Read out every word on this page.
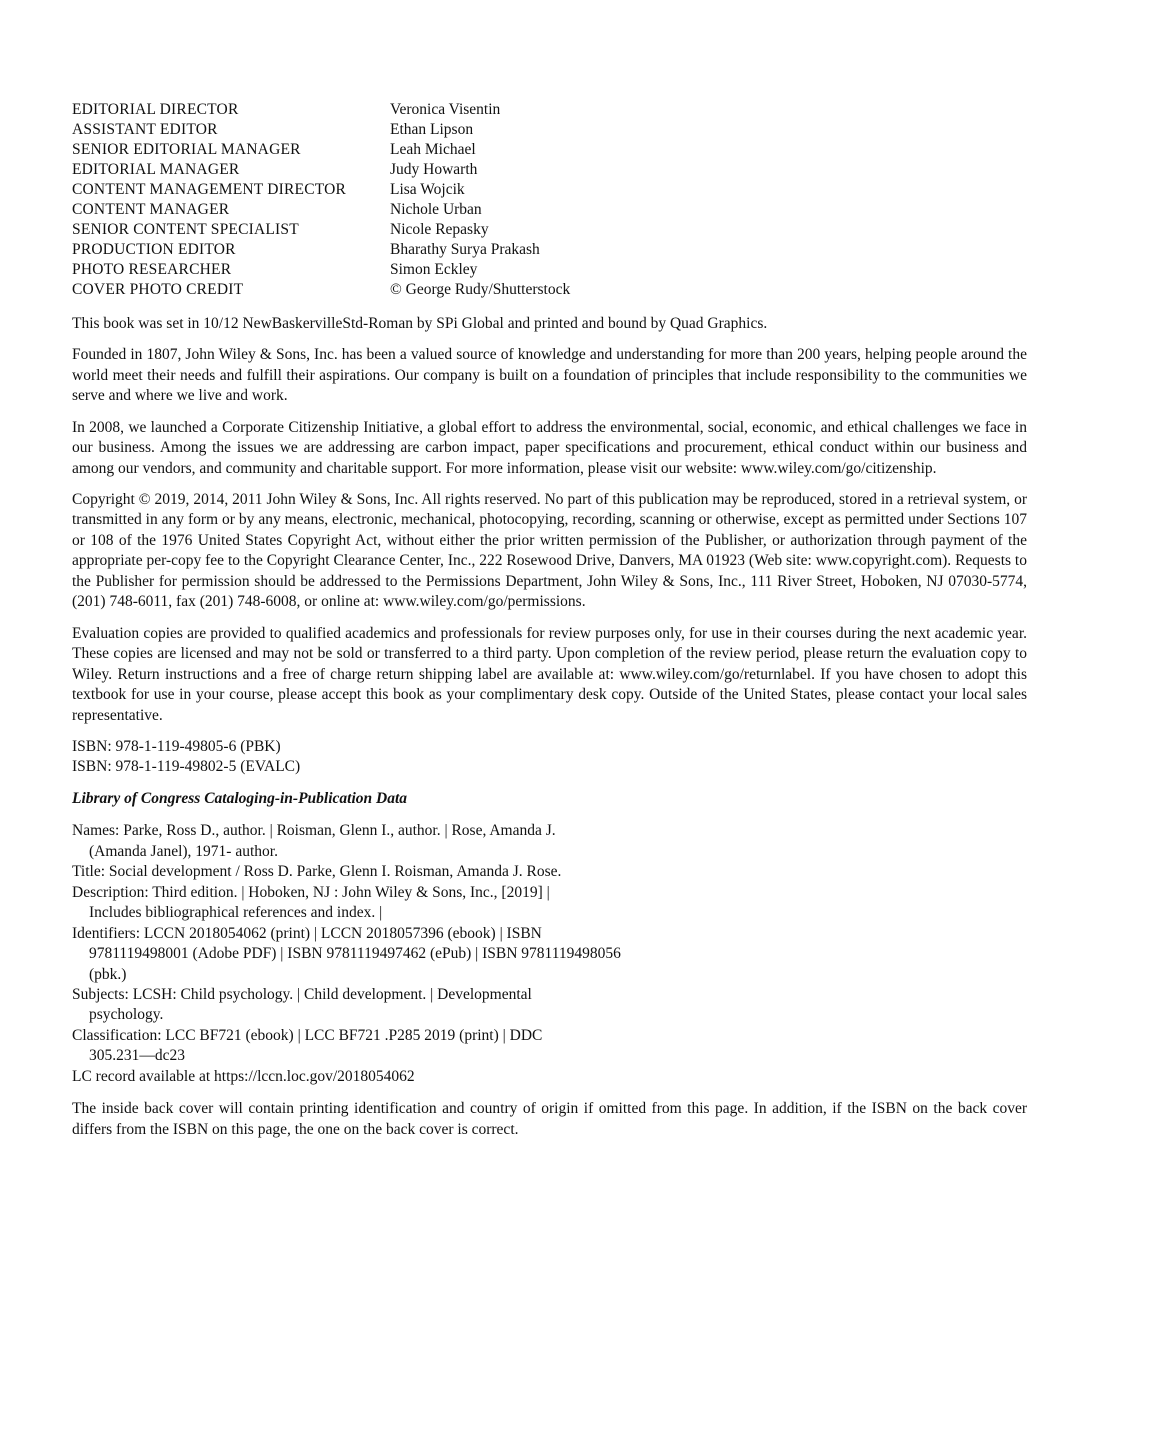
EDITORIAL DIRECTOR	Veronica Visentin
ASSISTANT EDITOR	Ethan Lipson
SENIOR EDITORIAL MANAGER	Leah Michael
EDITORIAL MANAGER	Judy Howarth
CONTENT MANAGEMENT DIRECTOR	Lisa Wojcik
CONTENT MANAGER	Nichole Urban
SENIOR CONTENT SPECIALIST	Nicole Repasky
PRODUCTION EDITOR	Bharathy Surya Prakash
PHOTO RESEARCHER	Simon Eckley
COVER PHOTO CREDIT	© George Rudy/Shutterstock

This book was set in 10/12 NewBaskervilleStd-Roman by SPi Global and printed and bound by Quad Graphics.

Founded in 1807, John Wiley & Sons, Inc. has been a valued source of knowledge and understanding for more than 200 years, helping people around the world meet their needs and fulfill their aspirations. Our company is built on a foundation of principles that include responsibility to the communities we serve and where we live and work.

In 2008, we launched a Corporate Citizenship Initiative, a global effort to address the environmental, social, economic, and ethical challenges we face in our business. Among the issues we are addressing are carbon impact, paper specifications and procurement, ethical conduct within our business and among our vendors, and community and charitable support. For more information, please visit our website: www.wiley.com/go/citizenship.

Copyright © 2019, 2014, 2011 John Wiley & Sons, Inc. All rights reserved. No part of this publication may be reproduced, stored in a retrieval system, or transmitted in any form or by any means, electronic, mechanical, photocopying, recording, scanning or otherwise, except as permitted under Sections 107 or 108 of the 1976 United States Copyright Act, without either the prior written permission of the Publisher, or authorization through payment of the appropriate per-copy fee to the Copyright Clearance Center, Inc., 222 Rosewood Drive, Danvers, MA 01923 (Web site: www.copyright.com). Requests to the Publisher for permission should be addressed to the Permissions Department, John Wiley & Sons, Inc., 111 River Street, Hoboken, NJ 07030-5774, (201) 748-6011, fax (201) 748-6008, or online at: www.wiley.com/go/permissions.

Evaluation copies are provided to qualified academics and professionals for review purposes only, for use in their courses during the next academic year. These copies are licensed and may not be sold or transferred to a third party. Upon completion of the review period, please return the evaluation copy to Wiley. Return instructions and a free of charge return shipping label are available at: www.wiley.com/go/returnlabel. If you have chosen to adopt this textbook for use in your course, please accept this book as your complimentary desk copy. Outside of the United States, please contact your local sales representative.

ISBN: 978-1-119-49805-6 (PBK)
ISBN: 978-1-119-49802-5 (EVALC)
Library of Congress Cataloging-in-Publication Data
Names: Parke, Ross D., author. | Roisman, Glenn I., author. | Rose, Amanda J.
(Amanda Janel), 1971- author.
Title: Social development / Ross D. Parke, Glenn I. Roisman, Amanda J. Rose.
Description: Third edition. | Hoboken, NJ : John Wiley & Sons, Inc., [2019] |
Includes bibliographical references and index. |
Identifiers: LCCN 2018054062 (print) | LCCN 2018057396 (ebook) | ISBN
9781119498001 (Adobe PDF) | ISBN 9781119497462 (ePub) | ISBN 9781119498056
(pbk.)
Subjects: LCSH: Child psychology. | Child development. | Developmental
psychology.
Classification: LCC BF721 (ebook) | LCC BF721 .P285 2019 (print) | DDC
305.231—dc23
LC record available at https://lccn.loc.gov/2018054062

The inside back cover will contain printing identification and country of origin if omitted from this page. In addition, if the ISBN on the back cover differs from the ISBN on this page, the one on the back cover is correct.
